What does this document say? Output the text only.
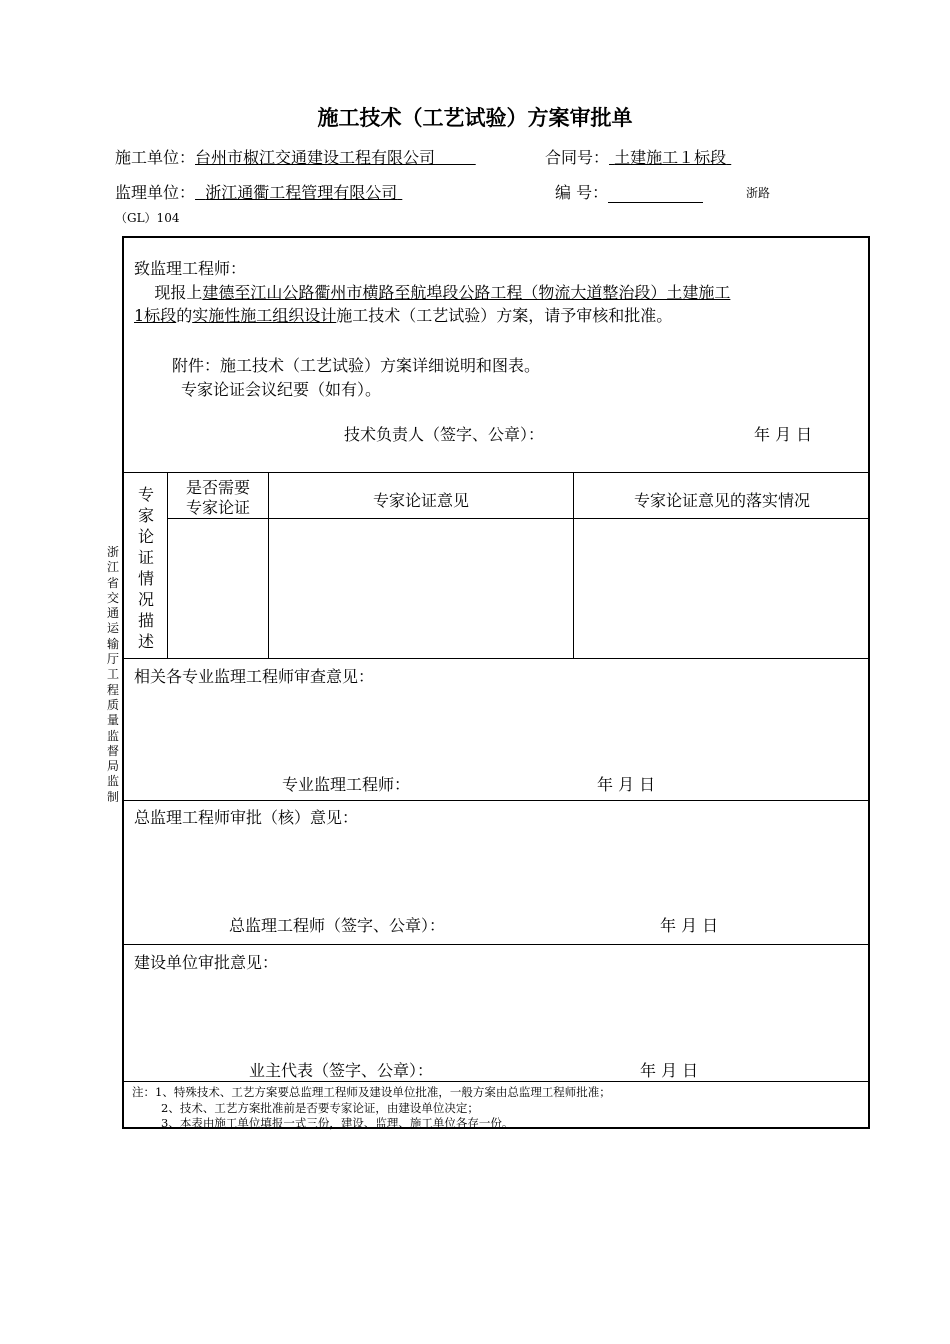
施工技术（工艺试验）方案审批单
施工单位：台州市椒江交通建设工程有限公司	合同号： 土建施工１标段
监理单位： 浙江通衢工程管理有限公司	编 号：	浙路
（GL）104
浙江省交通运输厅工程质量监督局监制
致监理工程师：
现报上建德至江山公路衢州市横路至航埠段公路工程（物流大道整治段）土建施工
1标段的实施性施工组织设计施工技术（工艺试验）方案，请予审核和批准。
附件：施工技术（工艺试验）方案详细说明和图表。
专家论证会议纪要（如有）。
技术负责人（签字、公章）：	年 月 日
专家论证情况描述
是否需要
专家论证	专家论证意见	专家论证意见的落实情况
相关各专业监理工程师审查意见：
专业监理工程师：	年 月 日
总监理工程师审批（核）意见：
总监理工程师（签字、公章）：	年 月 日
建设单位审批意见：
业主代表（签字、公章）：	年 月 日
注：1、特殊技术、工艺方案要总监理工程师及建设单位批准，一般方案由总监理工程师批准；
2、技术、工艺方案批准前是否要专家论证，由建设单位决定；
3、本表由施工单位填报一式三份，建设、监理、施工单位各存一份。
